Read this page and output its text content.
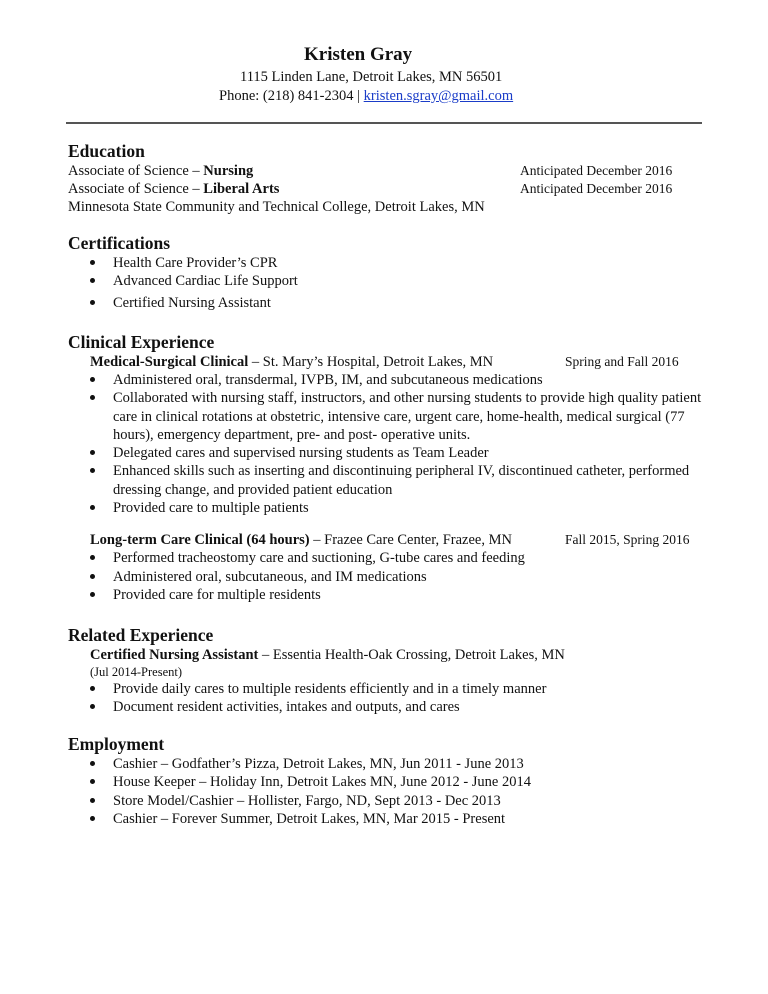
Kristen Gray
1115 Linden Lane, Detroit Lakes, MN 56501
Phone: (218) 841-2304 | kristen.sgray@gmail.com
Education
Associate of Science – Nursing	Anticipated December 2016
Associate of Science – Liberal Arts	Anticipated December 2016
Minnesota State Community and Technical College, Detroit Lakes, MN
Certifications
Health Care Provider’s CPR
Advanced Cardiac Life Support
Certified Nursing Assistant
Clinical Experience
Medical-Surgical Clinical – St. Mary’s Hospital, Detroit Lakes, MN	Spring and Fall 2016
Administered oral, transdermal, IVPB, IM, and subcutaneous medications
Collaborated with nursing staff, instructors, and other nursing students to provide high quality patient care in clinical rotations at obstetric, intensive care, urgent care, home-health, medical surgical (77 hours), emergency department, pre- and post- operative units.
Delegated cares and supervised nursing students as Team Leader
Enhanced skills such as inserting and discontinuing peripheral IV, discontinued catheter, performed dressing change, and provided patient education
Provided care to multiple patients
Long-term Care Clinical (64 hours) – Frazee Care Center, Frazee, MN	Fall 2015, Spring 2016
Performed tracheostomy care and suctioning, G-tube cares and feeding
Administered oral, subcutaneous, and IM medications
Provided care for multiple residents
Related Experience
Certified Nursing Assistant – Essentia Health-Oak Crossing, Detroit Lakes, MN
(Jul 2014-Present)
Provide daily cares to multiple residents efficiently and in a timely manner
Document resident activities, intakes and outputs, and cares
Employment
Cashier – Godfather’s Pizza, Detroit Lakes, MN, Jun 2011 - June 2013
House Keeper – Holiday Inn, Detroit Lakes MN, June 2012 - June 2014
Store Model/Cashier – Hollister, Fargo, ND, Sept 2013 - Dec 2013
Cashier – Forever Summer, Detroit Lakes, MN, Mar 2015 - Present
